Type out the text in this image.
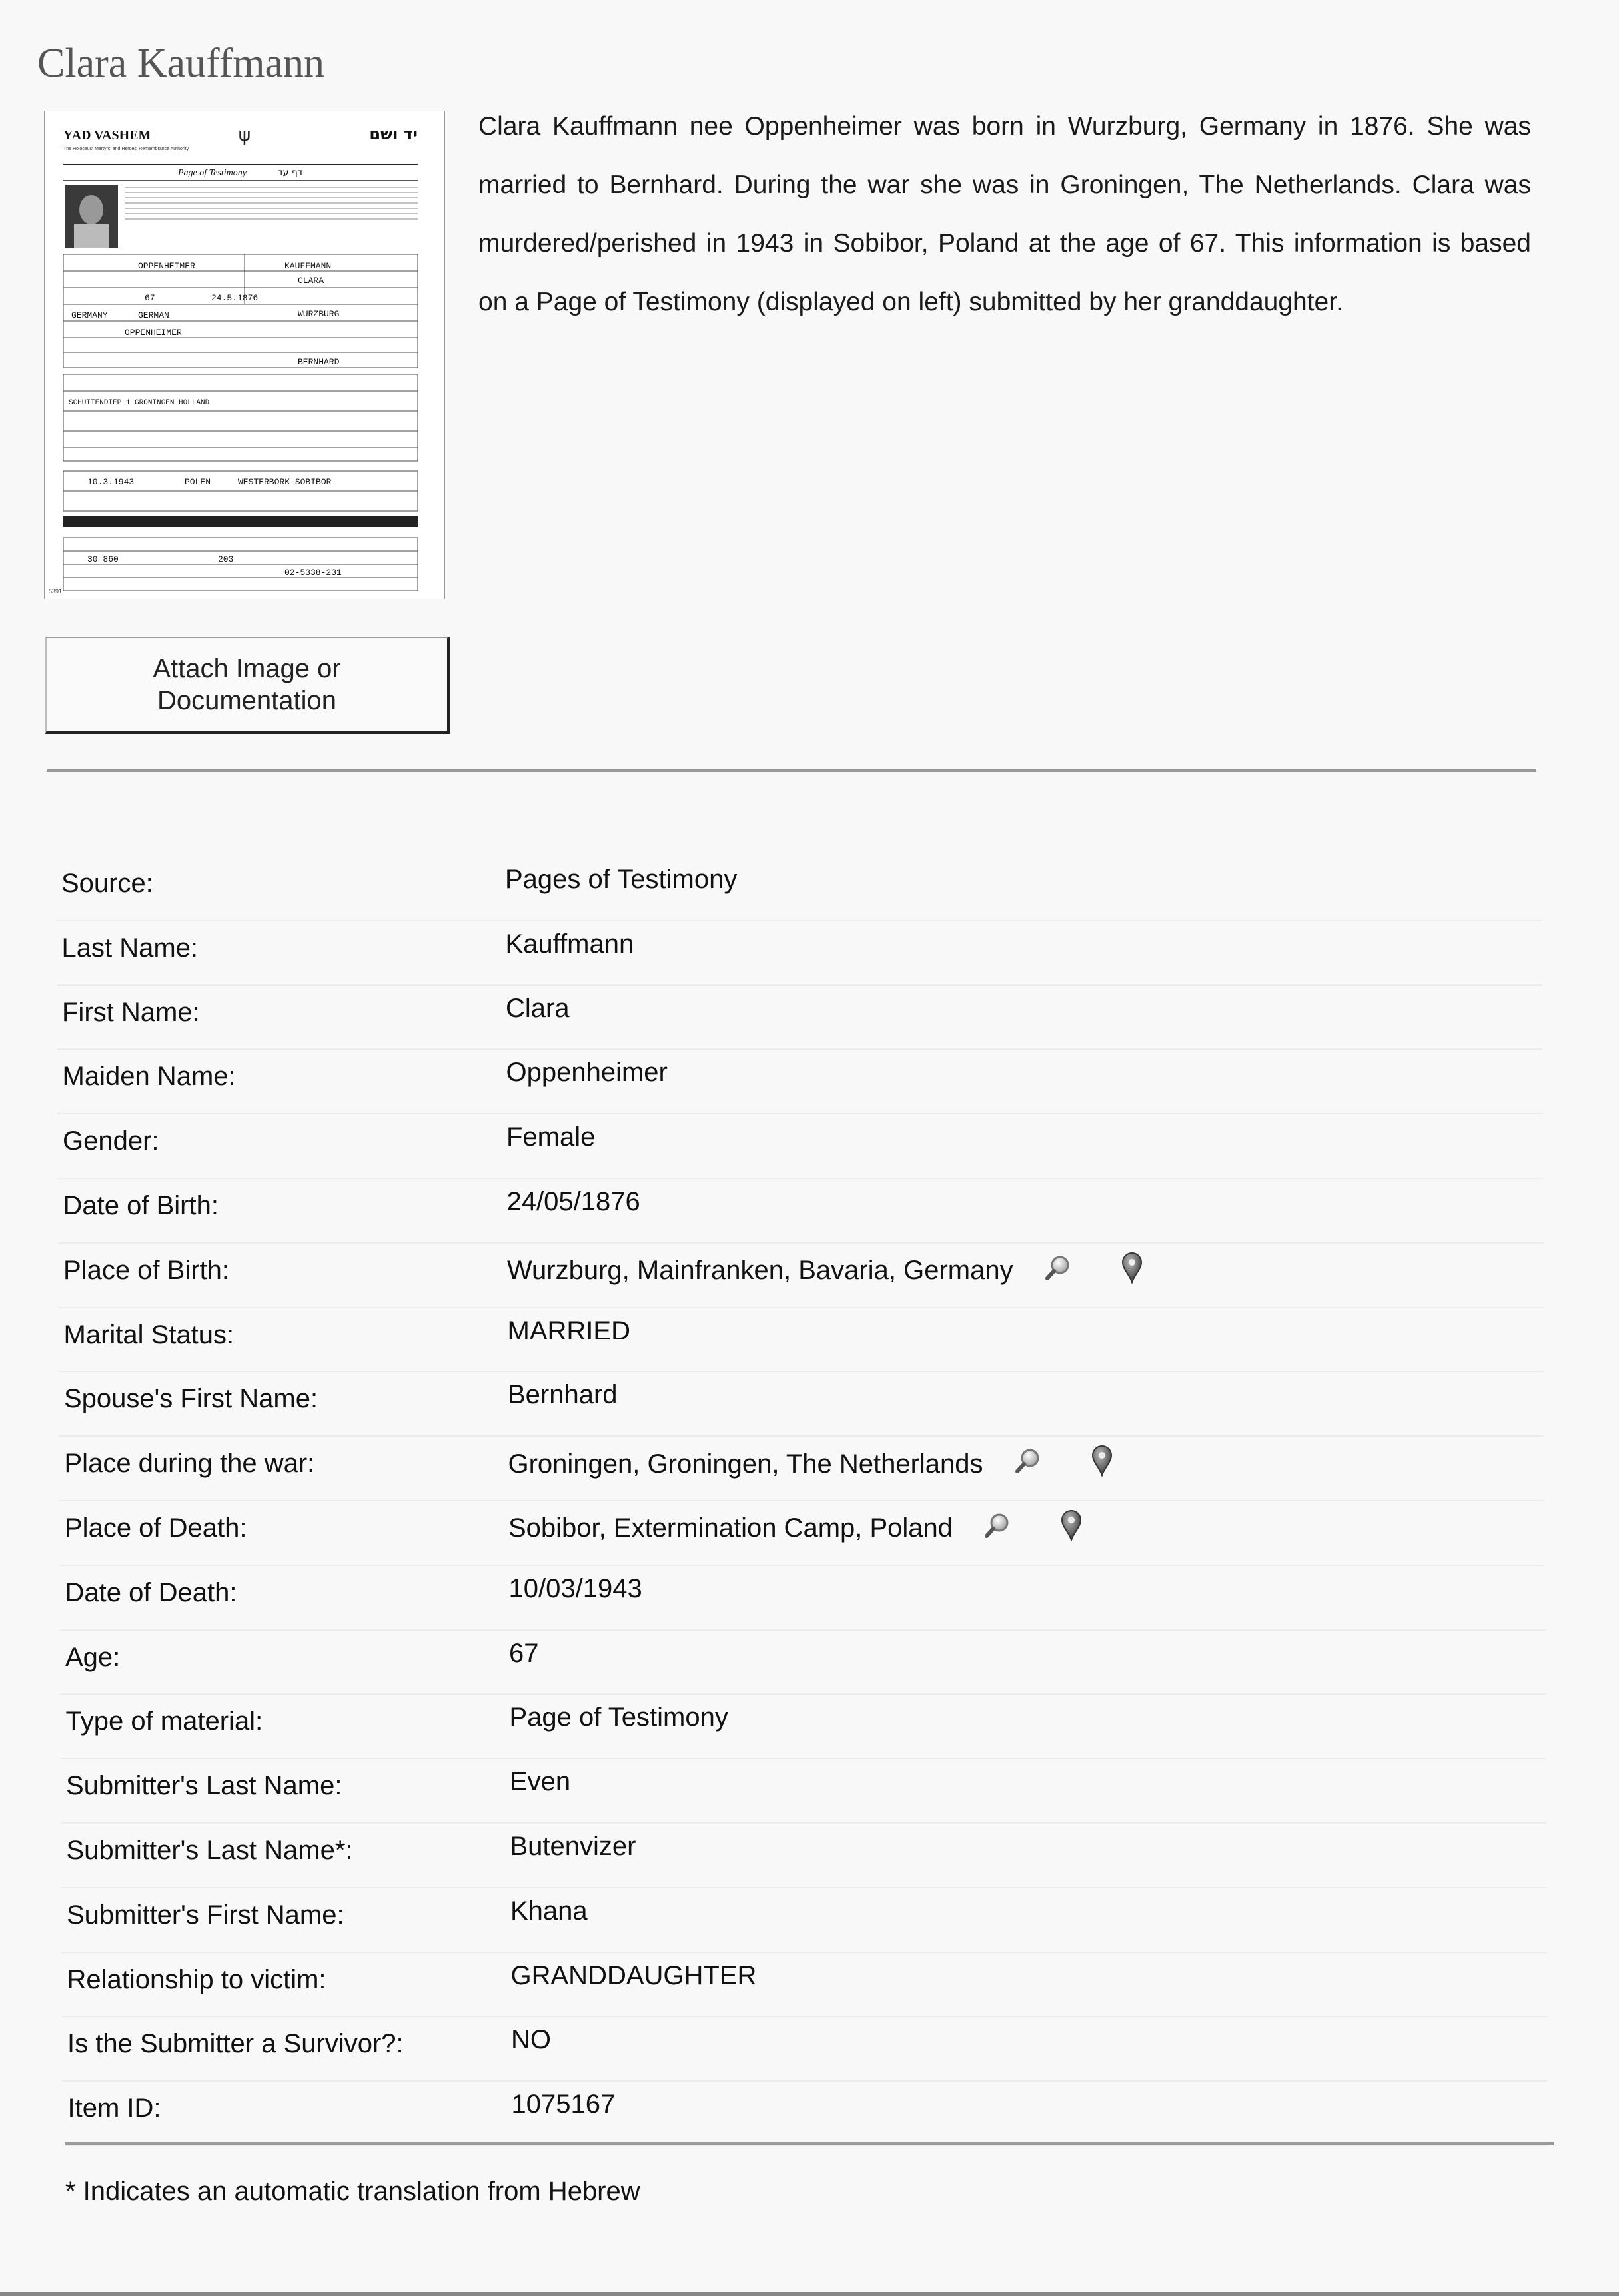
Clara Kauffmann
YAD VASHEM
The Holocaust Martyrs' and Heroes' Remembrance Authority
יד ושם
ψ
Page of Testimony	דף עד
OPPENHEIMER	KAUFFMANN
CLARA
67	24.5.1876
GERMANY	GERMAN	WURZBURG
OPPENHEIMER
BERNHARD
SCHUITENDIEP 1 GRONINGEN HOLLAND
10.3.1943	POLEN	WESTERBORK SOBIBOR
30 860	203
02-5338-231
5391
Clara Kauffmann nee Oppenheimer was born in Wurzburg, Germany in 1876. She was married to Bernhard. During the war she was in Groningen, The Netherlands. Clara was murdered/perished in 1943 in Sobibor, Poland at the age of 67. This information is based on a Page of Testimony (displayed on left) submitted by her granddaughter.
Attach Image or Documentation
Source:	Pages of Testimony
Last Name:	Kauffmann
First Name:	Clara
Maiden Name:	Oppenheimer
Gender:	Female
Date of Birth:	24/05/1876
Place of Birth:	Wurzburg, Mainfranken, Bavaria, Germany
Marital Status:	MARRIED
Spouse's First Name:	Bernhard
Place during the war:	Groningen, Groningen, The Netherlands
Place of Death:	Sobibor, Extermination Camp, Poland
Date of Death:	10/03/1943
Age:	67
Type of material:	Page of Testimony
Submitter's Last Name:	Even
Submitter's Last Name*:	Butenvizer
Submitter's First Name:	Khana
Relationship to victim:	GRANDDAUGHTER
Is the Submitter a Survivor?:	NO
Item ID:	1075167
* Indicates an automatic translation from Hebrew
